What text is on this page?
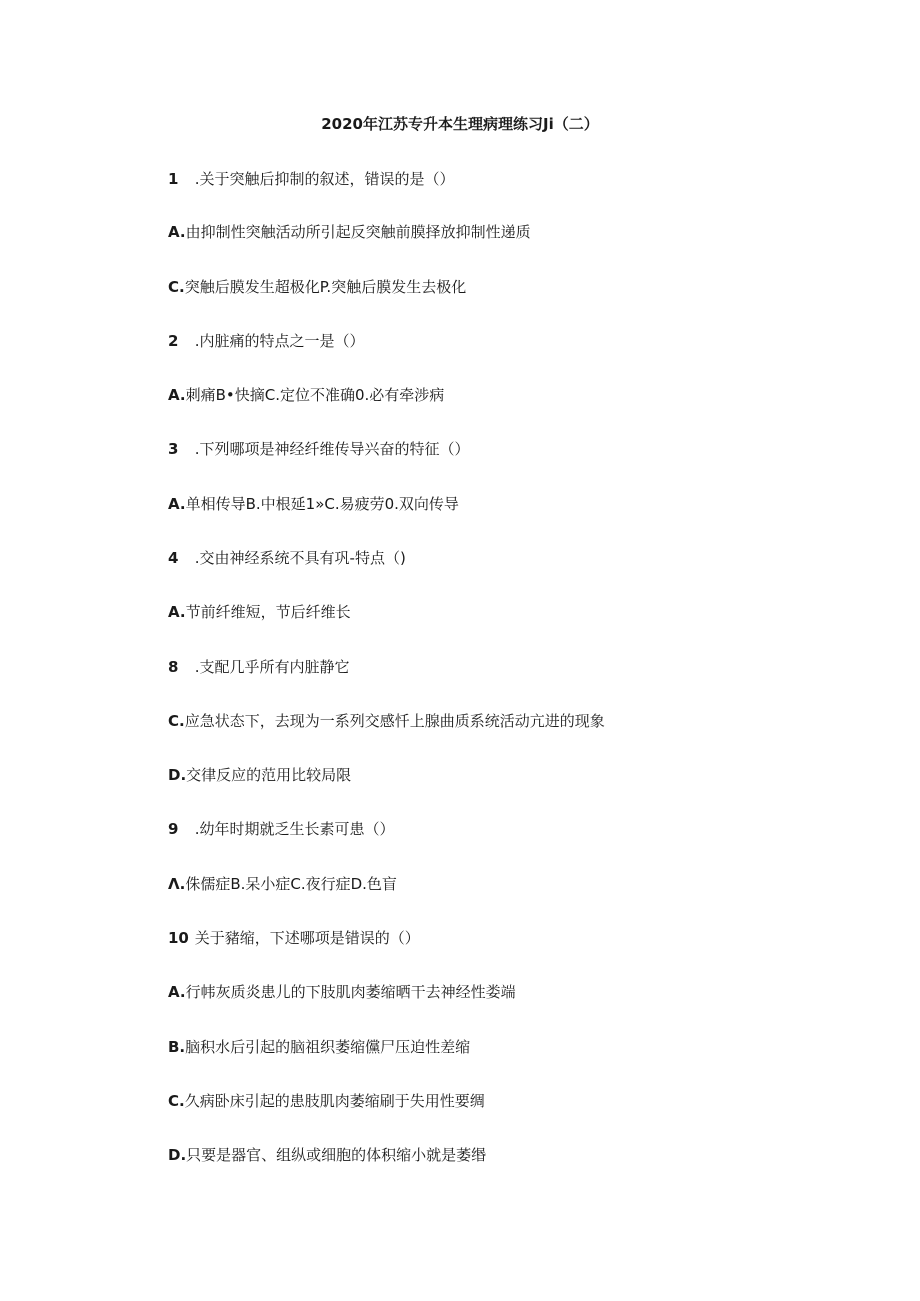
2020年江苏专升本生理病理练习Ji（二）
1 .关于突触后抑制的叙述，错误的是（）
A.由抑制性突触活动所引起反突触前膜择放抑制性递质
C.突触后膜发生超极化P.突触后膜发生去极化
2 .内脏痛的特点之一是（）
A.刺痛B•快摘C.定位不准确0.必有牵涉病
3 .下列哪项是神经纤维传导兴奋的特征（）
A.单相传导B.中根延1»C.易疲劳0.双向传导
4 .交由神经系统不具有巩-特点（)
A.节前纤维短，节后纤维长
8 .支配几乎所有内脏静它
C.应急状态下，去现为一系列交感忏上腺曲质系统活动亢进的现象
D.交律反应的范用比较局限
9 .幼年时期就乏生长素可患（）
Λ.侏儒症B.呆小症C.夜行症D.色盲
10 关于豬缩，下述哪项是错误的（）
A.行帏灰质炎患儿的下肢肌肉萎缩晒干去神经性娄端
B.脑积水后引起的脑祖织萎缩儻尸压迫性差缩
C.久病卧床引起的患肢肌肉萎缩刷于失用性要绸
D.只要是器官、组纵或细胞的体积缩小就是萎缗
